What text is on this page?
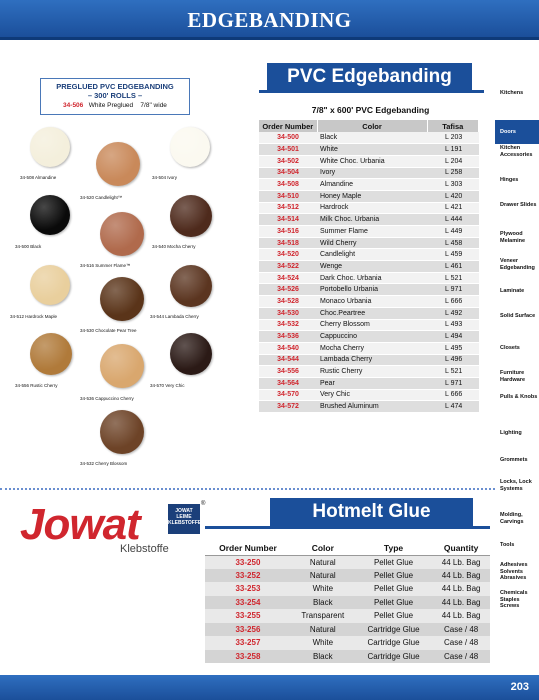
EDGEBANDING
Kitchens
Doors
Kitchen Accessories
Hinges
Drawer Slides
Plywood Melamine
Veneer Edgebanding
Laminate
Solid Surface
Closets
Furniture Hardware
Pulls & Knobs
Lighting
Grommets
Locks, Lock Systems
Molding, Carvings
Tools
Adhesives Solvents Abrasives
Chemicals Staples Screws
PVC Edgebanding
PREGLUED PVC EDGEBANDING
– 300' ROLLS –
34-506 White Preglued 7/8" wide
34-508 Almandine
34-520 Candlelight™
34-504 Ivory
34-500 Black
34-516 Summer Flame™
34-540 Mocha Cherry
34-512 Hardrock Maple
34-530 Chocolate Pear Tree
34-544 Lambada Cherry
34-556 Rustic Cherry
34-536 Cappuccino Cherry
34-570 Very Chic
34-532 Cherry Blossom
7/8" x 600' PVC Edgebanding
Order Number	Color	Tafisa
34-500	Black	L 203
34-501	White	L 191
34-502	White Choc. Urbania	L 204
34-504	Ivory	L 258
34-508	Almandine	L 303
34-510	Honey Maple	L 420
34-512	Hardrock	L 421
34-514	Milk Choc. Urbania	L 444
34-516	Summer Flame	L 449
34-518	Wild Cherry	L 458
34-520	Candlelight	L 459
34-522	Wenge	L 461
34-524	Dark Choc. Urbania	L 521
34-526	Portobello Urbania	L 971
34-528	Monaco Urbania	L 666
34-530	Choc.Peartree	L 492
34-532	Cherry Blossom	L 493
34-536	Cappuccino	L 494
34-540	Mocha Cherry	L 495
34-544	Lambada Cherry	L 496
34-556	Rustic Cherry	L 521
34-564	Pear	L 971
34-570	Very Chic	L 666
34-572	Brushed Aluminum	L 474
Jowat	JOWAT
LEIME
KLEBSTOFFE
®
Klebstoffe
Hotmelt Glue
Order Number	Color	Type	Quantity
33-250	Natural	Pellet Glue	44 Lb. Bag
33-252	Natural	Pellet Glue	44 Lb. Bag
33-253	White	Pellet Glue	44 Lb. Bag
33-254	Black	Pellet Glue	44 Lb. Bag
33-255	Transparent	Pellet Glue	44 Lb. Bag
33-256	Natural	Cartridge Glue	Case / 48
33-257	White	Cartridge Glue	Case / 48
33-258	Black	Cartridge Glue	Case / 48
203
